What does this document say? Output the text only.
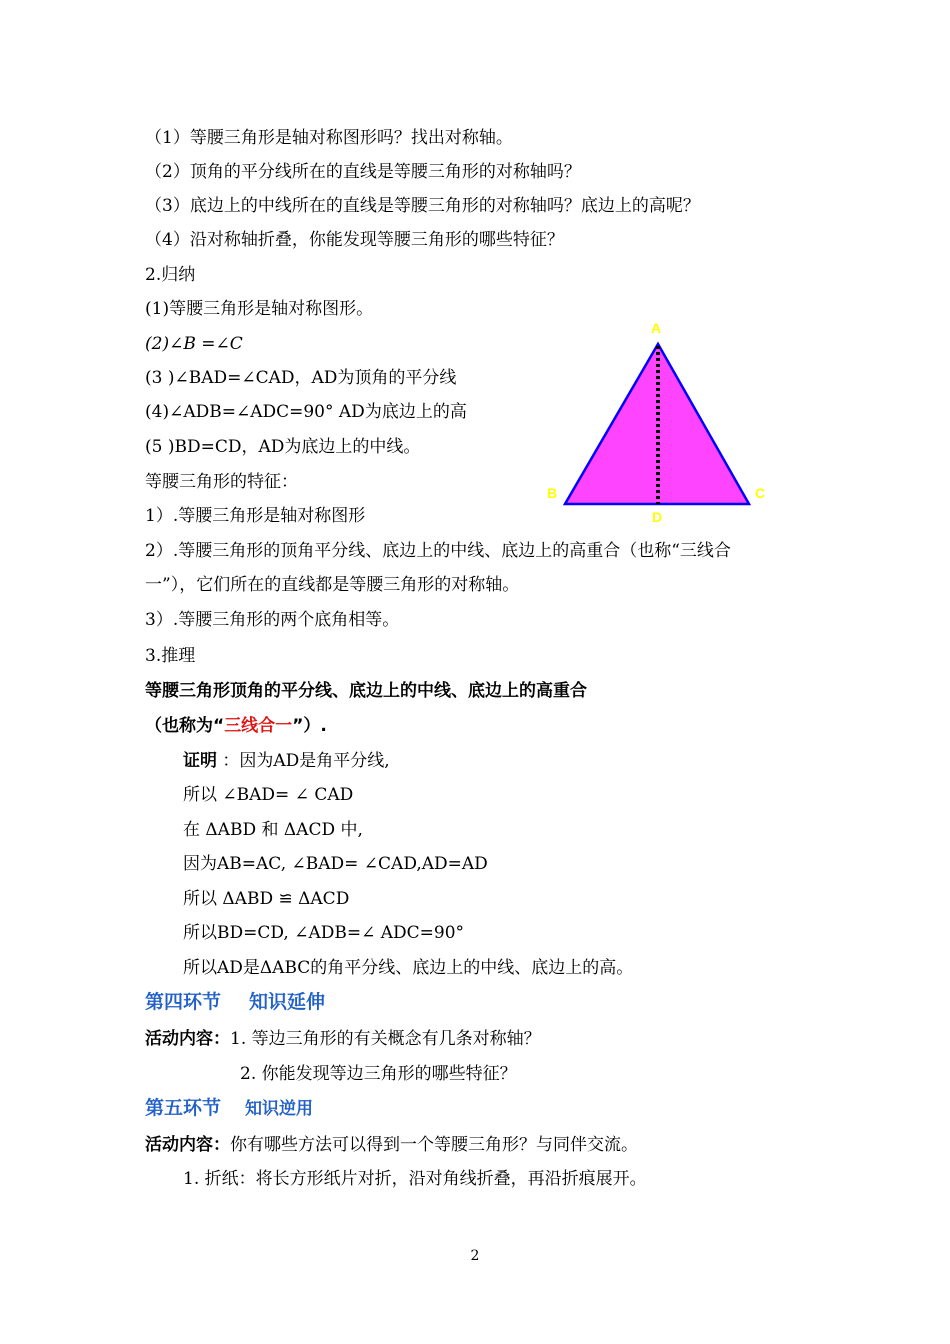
（1）等腰三角形是轴对称图形吗？找出对称轴。
（2）顶角的平分线所在的直线是等腰三角形的对称轴吗？
（3）底边上的中线所在的直线是等腰三角形的对称轴吗？底边上的高呢？
（4）沿对称轴折叠，你能发现等腰三角形的哪些特征？
2.归纳
(1)等腰三角形是轴对称图形。
(2)∠B =∠C
(3 )∠BAD=∠CAD，AD为顶角的平分线
(4)∠ADB=∠ADC=90° AD为底边上的高
(5 )BD=CD，AD为底边上的中线。
A
B	C
D
等腰三角形的特征：
1）.等腰三角形是轴对称图形
2）.等腰三角形的顶角平分线、底边上的中线、底边上的高重合（也称“三线合
一”），它们所在的直线都是等腰三角形的对称轴。
3）.等腰三角形的两个底角相等。
3.推理
等腰三角形顶角的平分线、底边上的中线、底边上的高重合
（也称为“三线合一”）.
证明 ：因为AD是角平分线,
所以 ∠BAD= ∠ CAD
在 ΔABD 和 ΔACD 中,
因为AB=AC, ∠BAD= ∠CAD,AD=AD
所以 ΔABD ≌ ΔACD
所以BD=CD, ∠ADB=∠ ADC=90°
所以AD是ΔABC的角平分线、底边上的中线、底边上的高。
第四环节 知识延伸
活动内容：1. 等边三角形的有关概念有几条对称轴？
2. 你能发现等边三角形的哪些特征？
第五环节 知识逆用
活动内容：你有哪些方法可以得到一个等腰三角形？与同伴交流。
1. 折纸：将长方形纸片对折，沿对角线折叠，再沿折痕展开。
2
